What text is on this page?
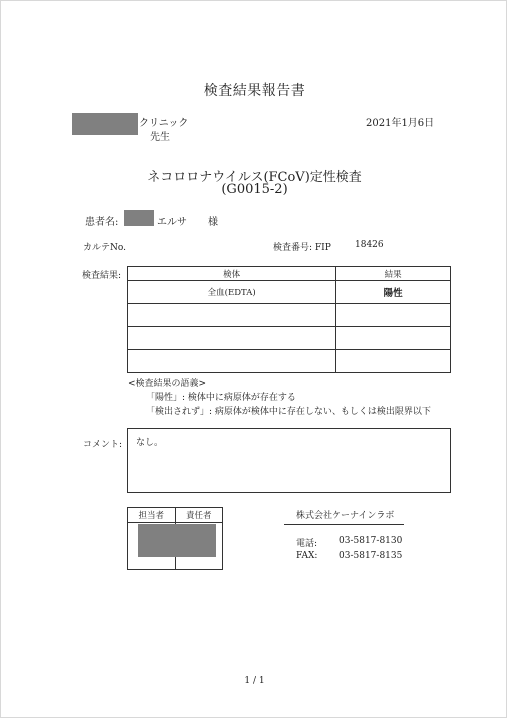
検査結果報告書
クリニック
先生
2021年1月6日
ネコロロナウイルス(FCoV)定性検査
(G0015-2)
患者名:	エルサ 様
カルテNo.	検査番号: FIP	18426
検査結果:	検体	結果
全血(EDTA)	陽性

<検査結果の語義>
「陽性」: 検体中に病原体が存在する
「検出されず」: 病原体が検体中に存在しない、もしくは検出限界以下
コメント: なし。
担当者	責任者
		株式会社ケーナインラボ
電話: 03-5817-8130
FAX: 03-5817-8135
1 / 1
